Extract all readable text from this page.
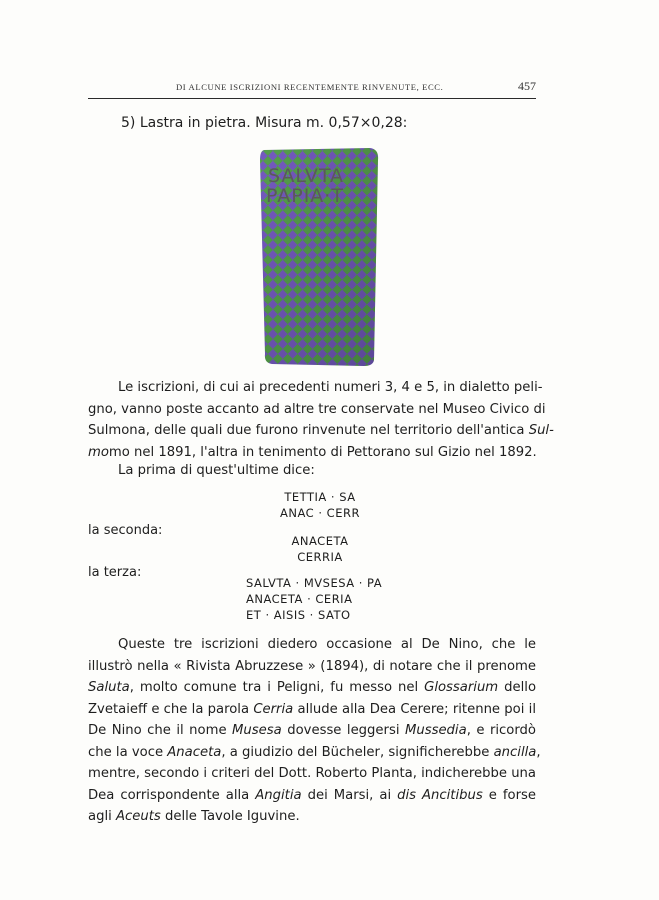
DI ALCUNE ISCRIZIONI RECENTEMENTE RINVENUTE, ECC.	457
5) Lastra in pietra. Misura m. 0,57×0,28:
SALVTA
PAPIA·T
Le iscrizioni, di cui ai precedenti numeri 3, 4 e 5, in dialetto peli-
gno, vanno poste accanto ad altre tre conservate nel Museo Civico di
Sulmona, delle quali due furono rinvenute nel territorio dell'antica Sul-
momo nel 1891, l'altra in tenimento di Pettorano sul Gizio nel 1892.
La prima di quest'ultime dice:
TETTIA · SA
ANAC · CERR
la seconda:
ANACETA
CERRIA
la terza:
SALVTA · MVSESA · PA
ANACETA · CERIA
ET · AISIS · SATO
Queste tre iscrizioni diedero occasione al De Nino, che le
illustrò nella « Rivista Abruzzese » (1894), di notare che il prenome
Saluta, molto comune tra i Peligni, fu messo nel Glossarium dello
Zvetaieff e che la parola Cerria allude alla Dea Cerere; ritenne poi il
De Nino che il nome Musesa dovesse leggersi Mussedia, e ricordò
che la voce Anaceta, a giudizio del Bücheler, significherebbe ancilla,
mentre, secondo i criteri del Dott. Roberto Planta, indicherebbe una
Dea corrispondente alla Angitia dei Marsi, ai dis Ancitibus e forse
agli Aceuts delle Tavole Iguvine.
